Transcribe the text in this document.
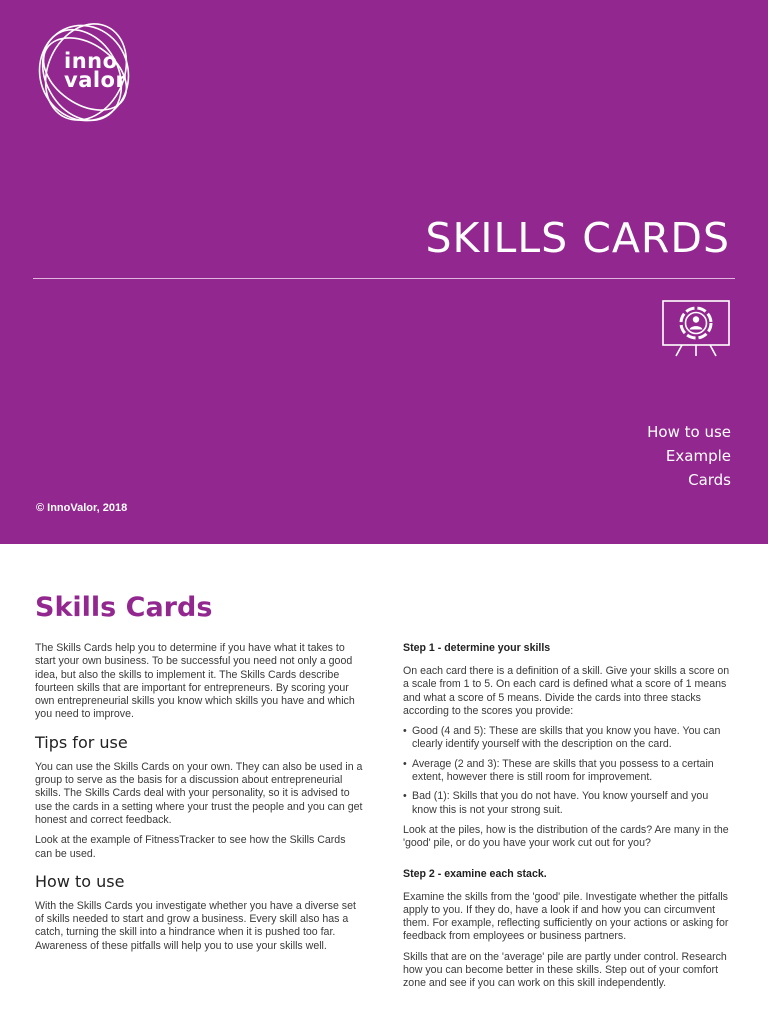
inno
valor
SKILLS CARDS
How to use
Example
Cards
© InnoValor, 2018
Skills Cards

The Skills Cards help you to determine if you have what it takes to start your own business. To be successful you need not only a good idea, but also the skills to implement it. The Skills Cards describe fourteen skills that are important for entrepreneurs. By scoring your own entrepreneurial skills you know which skills you have and which you need to improve.

Tips for use

You can use the Skills Cards on your own. They can also be used in a group to serve as the basis for a discussion about entrepreneurial skills. The Skills Cards deal with your personality, so it is advised to use the cards in a setting where your trust the people and you can get honest and correct feedback.

Look at the example of FitnessTracker to see how the Skills Cards can be used.

How to use

With the Skills Cards you investigate whether you have a diverse set of skills needed to start and grow a business. Every skill also has a catch, turning the skill into a hindrance when it is pushed too far. Awareness of these pitfalls will help you to use your skills well.

Step 1 - determine your skills

On each card there is a definition of a skill. Give your skills a score on a scale from 1 to 5. On each card is defined what a score of 1 means and what a score of 5 means. Divide the cards into three stacks according to the scores you provide:

• Good (4 and 5): These are skills that you know you have. You can clearly identify yourself with the description on the card.
• Average (2 and 3): These are skills that you possess to a certain extent, however there is still room for improvement.
• Bad (1): Skills that you do not have. You know yourself and you know this is not your strong suit.

Look at the piles, how is the distribution of the cards? Are many in the 'good' pile, or do you have your work cut out for you?

Step 2 - examine each stack.

Examine the skills from the 'good' pile. Investigate whether the pitfalls apply to you. If they do, have a look if and how you can circumvent them. For example, reflecting sufficiently on your actions or asking for feedback from employees or business partners.

Skills that are on the 'average' pile are partly under control. Research how you can become better in these skills. Step out of your comfort zone and see if you can work on this skill independently.
